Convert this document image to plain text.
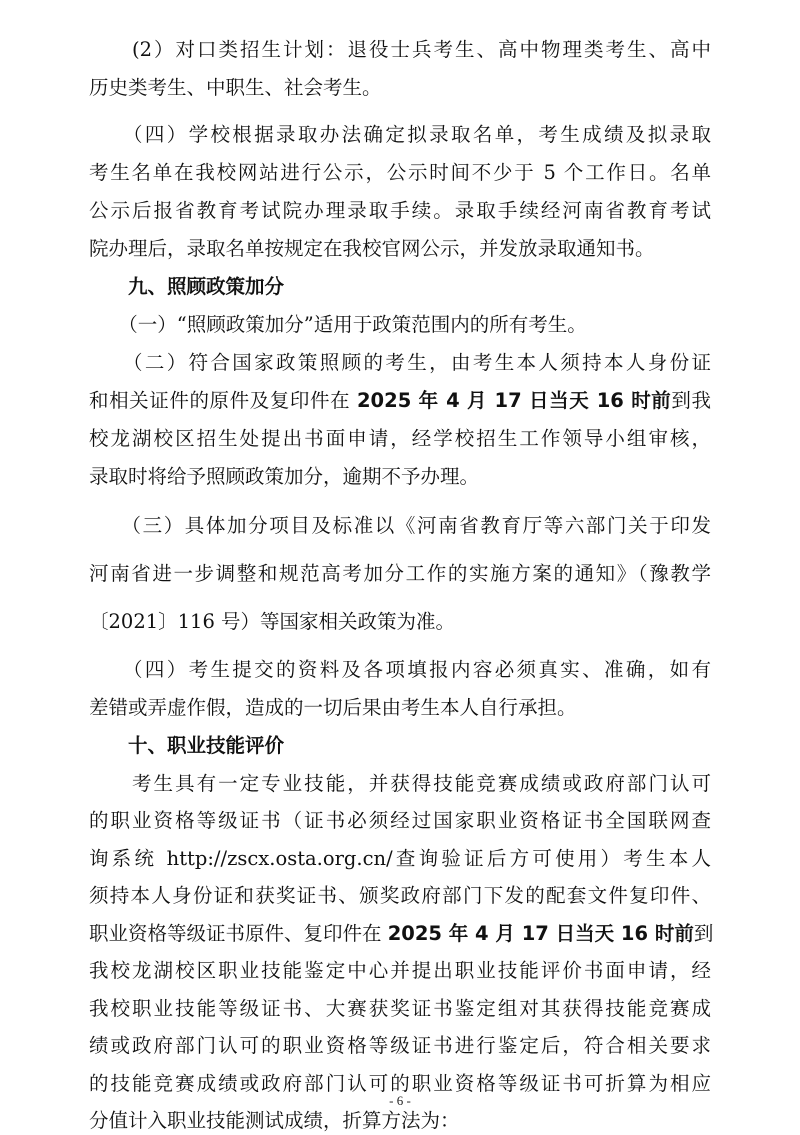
　　(2）对口类招生计划：退役士兵考生、高中物理类考生、高中

历史类考生、中职生、社会考生。

　　（四）学校根据录取办法确定拟录取名单，考生成绩及拟录取

考生名单在我校网站进行公示，公示时间不少于 5 个工作日。名单

公示后报省教育考试院办理录取手续。录取手续经河南省教育考试

院办理后，录取名单按规定在我校官网公示，并发放录取通知书。

　　九、照顾政策加分

　　（一）“照顾政策加分”适用于政策范围内的所有考生。

　　（二）符合国家政策照顾的考生，由考生本人须持本人身份证

和相关证件的原件及复印件在 2025 年 4 月 17 日当天 16 时前到我

校龙湖校区招生处提出书面申请，经学校招生工作领导小组审核，

录取时将给予照顾政策加分，逾期不予办理。

　　（三）具体加分项目及标准以《河南省教育厅等六部门关于印发

河南省进一步调整和规范高考加分工作的实施方案的通知》（豫教学

〔2021〕116 号）等国家相关政策为准。

　　（四）考生提交的资料及各项填报内容必须真实、准确，如有

差错或弄虚作假，造成的一切后果由考生本人自行承担。

　　十、职业技能评价

　　考生具有一定专业技能，并获得技能竞赛成绩或政府部门认可

的职业资格等级证书（证书必须经过国家职业资格证书全国联网查

询系统 http://zscx.osta.org.cn/查询验证后方可使用）考生本人

须持本人身份证和获奖证书、颁奖政府部门下发的配套文件复印件、

职业资格等级证书原件、复印件在 2025 年 4 月 17 日当天 16 时前到

我校龙湖校区职业技能鉴定中心并提出职业技能评价书面申请，经

我校职业技能等级证书、大赛获奖证书鉴定组对其获得技能竞赛成

绩或政府部门认可的职业资格等级证书进行鉴定后，符合相关要求

的技能竞赛成绩或政府部门认可的职业资格等级证书可折算为相应

分值计入职业技能测试成绩，折算方法为：

- 6 -
